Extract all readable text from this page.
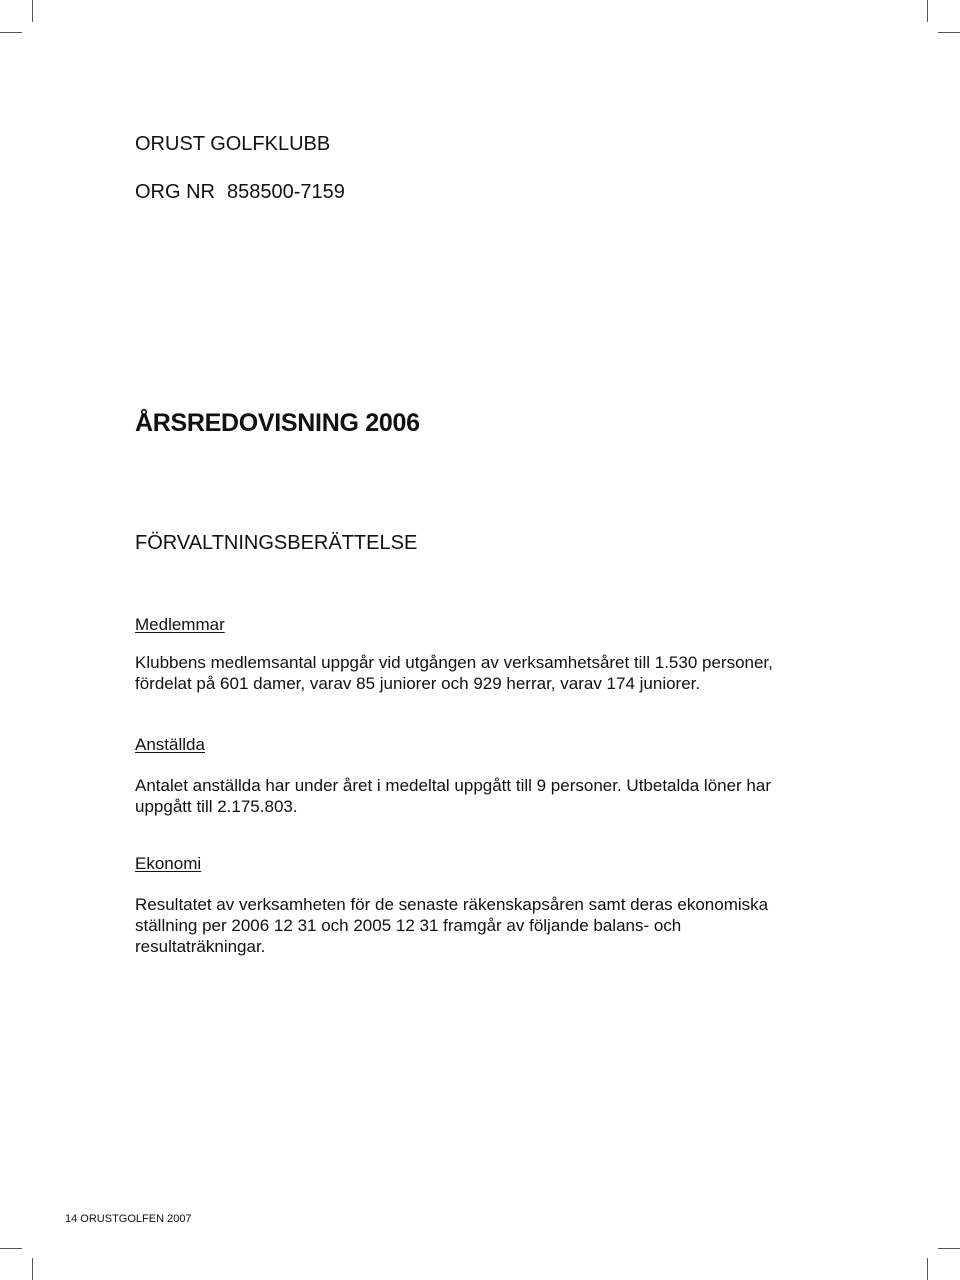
ORUST GOLFKLUBB

ORG NR 858500-7159

ÅRSREDOVISNING 2006
FÖRVALTNINGSBERÄTTELSE
Medlemmar
Klubbens medlemsantal uppgår vid utgången av verksamhetsåret till 1.530 personer,
fördelat på 601 damer, varav 85 juniorer och 929 herrar, varav 174 juniorer.
Anställda
Antalet anställda har under året i medeltal uppgått till 9 personer. Utbetalda löner har
uppgått till 2.175.803.
Ekonomi
Resultatet av verksamheten för de senaste räkenskapsåren samt deras ekonomiska
ställning per 2006 12 31 och 2005 12 31 framgår av följande balans- och
resultaträkningar.
14 ORUSTGOLFEN 2007
